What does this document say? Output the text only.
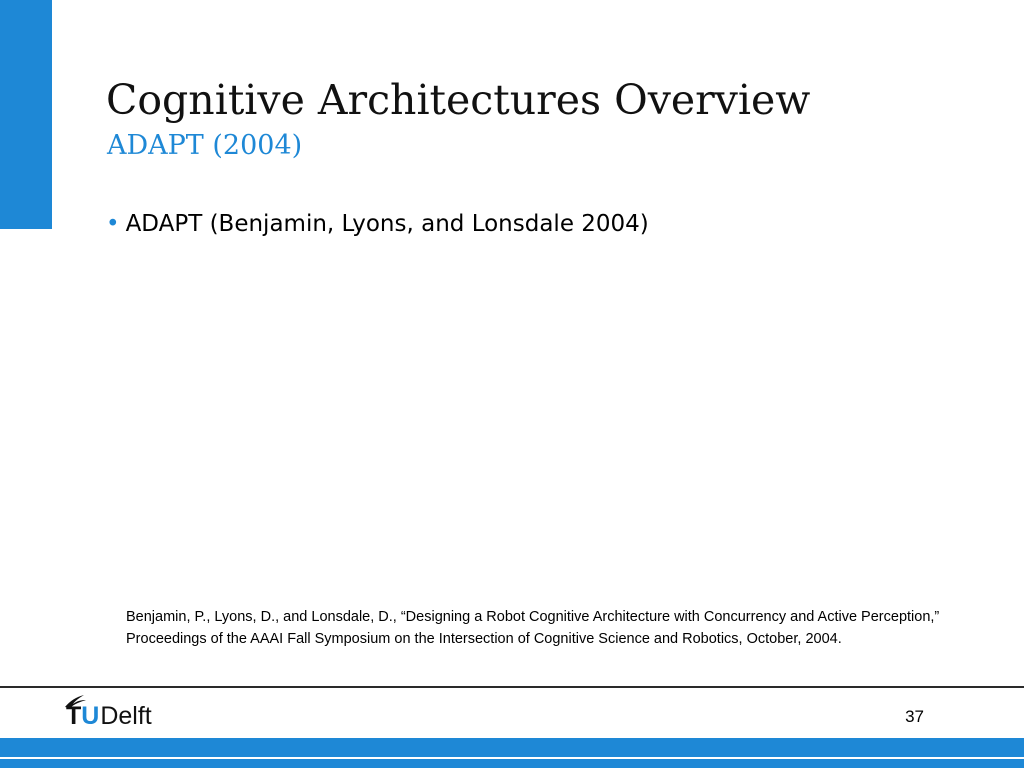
Cognitive Architectures Overview
ADAPT (2004)
• ADAPT (Benjamin, Lyons, and Lonsdale 2004)

Benjamin, P., Lyons, D., and Lonsdale, D., “Designing a Robot Cognitive Architecture with Concurrency and Active Perception,” Proceedings of the AAAI Fall Symposium on the Intersection of Cognitive Science and Robotics, October, 2004.

TUDelft	37
